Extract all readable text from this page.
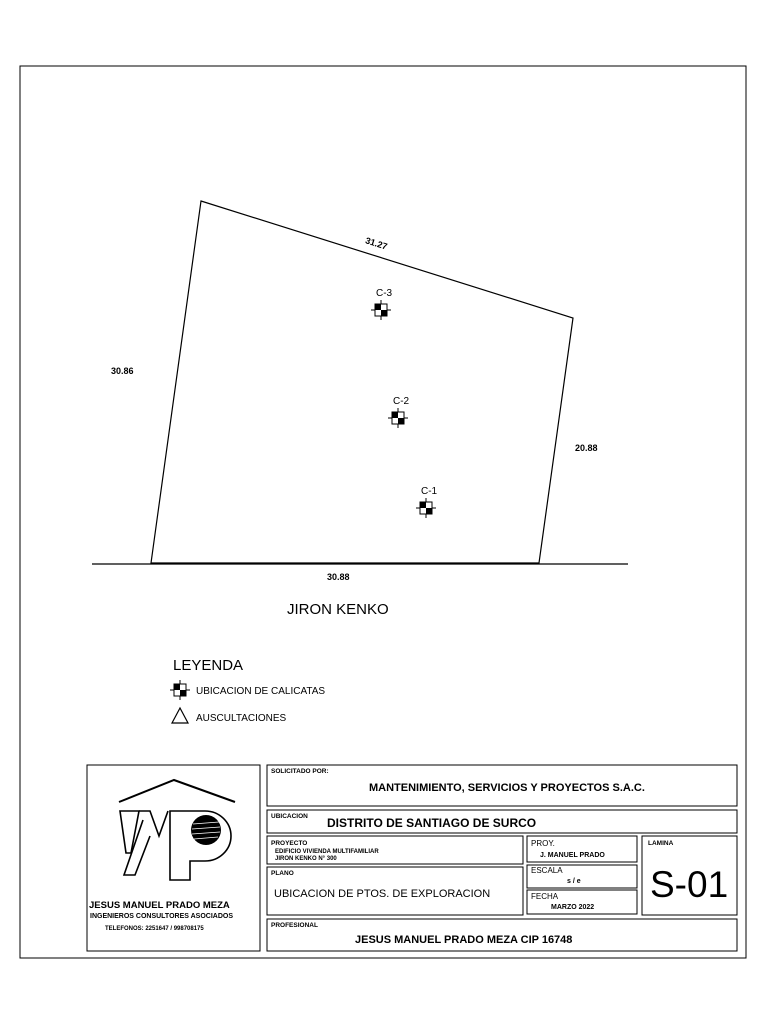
31.27
30.86
20.88
30.88
C-3
C-2
C-1
JIRON KENKO
LEYENDA
UBICACION DE CALICATAS
AUSCULTACIONES
JESUS MANUEL PRADO MEZA
INGENIEROS CONSULTORES ASOCIADOS
TELEFONOS: 2251647 / 998708175
SOLICITADO POR:
MANTENIMIENTO, SERVICIOS Y PROYECTOS S.A.C.
UBICACION DISTRITO DE SANTIAGO DE SURCO
PROYECTO
EDIFICIO VIVIENDA MULTIFAMILIAR
JIRON KENKO N° 300
PROY.
J. MANUEL PRADO
LAMINA
S-01
PLANO
UBICACION DE PTOS. DE EXPLORACION
ESCALA
s / e
FECHA
MARZO 2022
PROFESIONAL
JESUS MANUEL PRADO MEZA CIP 16748
